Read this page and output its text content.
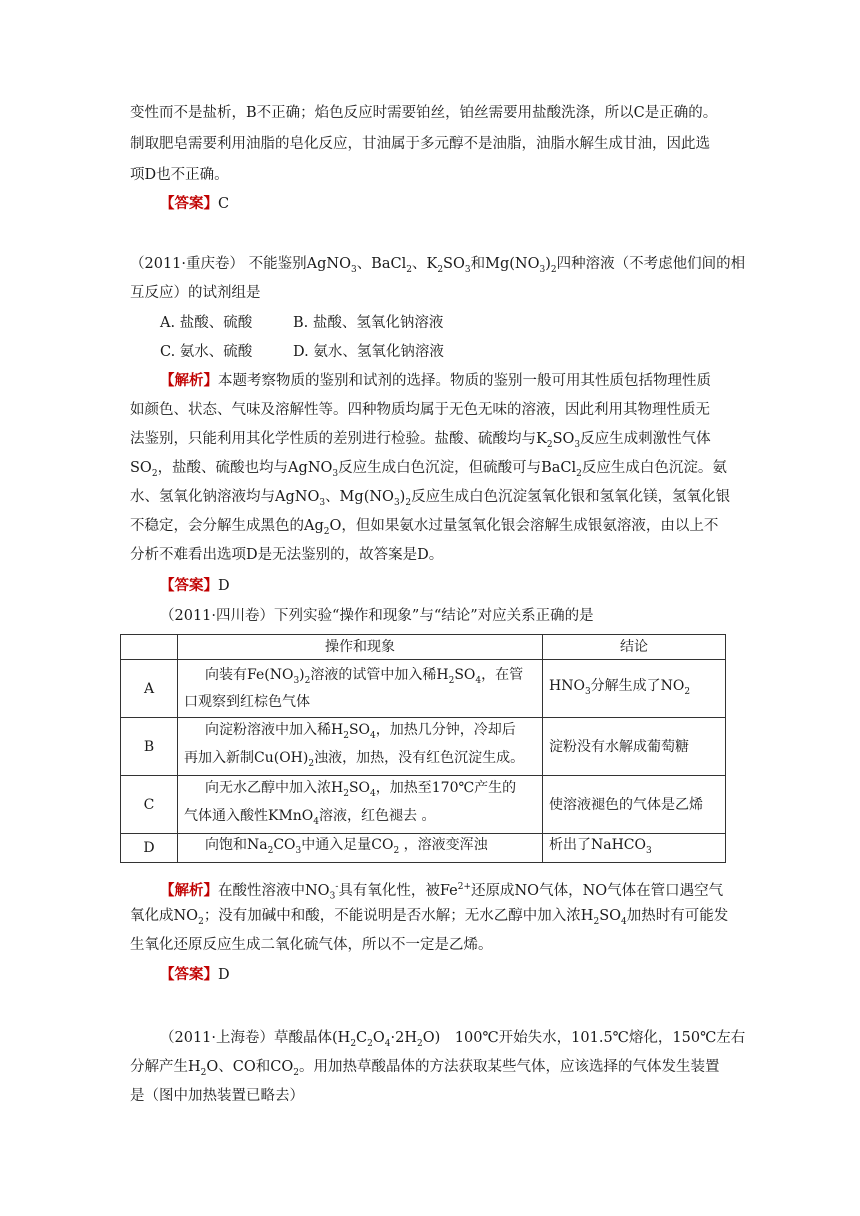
变性而不是盐析，B不正确；焰色反应时需要铂丝，铂丝需要用盐酸洗涤，所以C是正确的。
制取肥皂需要利用油脂的皂化反应，甘油属于多元醇不是油脂，油脂水解生成甘油，因此选
项D也不正确。
【答案】C
（2011·重庆卷） 不能鉴别AgNO$_3$、BaCl$_2$、$K_2SO_3$和$Mg(NO_3)_2$四种溶液（不考虑他们间的相
互反应）的试剂组是
A. 盐酸、硫酸	B. 盐酸、氢氧化钠溶液
C. 氨水、硫酸	D. 氨水、氢氧化钠溶液
【解析】本题考察物质的鉴别和试剂的选择。物质的鉴别一般可用其性质包括物理性质
如颜色、状态、气味及溶解性等。四种物质均属于无色无味的溶液，因此利用其物理性质无
法鉴别，只能利用其化学性质的差别进行检验。盐酸、硫酸均与$K_2SO_3$反应生成刺激性气体
$SO_2$，盐酸、硫酸也均与AgNO$_3$反应生成白色沉淀，但硫酸可与BaCl$_2$反应生成白色沉淀。氨
水、氢氧化钠溶液均与AgNO$_3$、$Mg(NO_3)_2$反应生成白色沉淀氢氧化银和氢氧化镁，氢氧化银
不稳定，会分解生成黑色的$Ag_2O$，但如果氨水过量氢氧化银会溶解生成银氨溶液，由以上不
分析不难看出选项D是无法鉴别的，故答案是D。
【答案】D
（2011·四川卷）下列实验“操作和现象”与“结论”对应关系正确的是
	操作和现象	结论
A	  向装有$Fe(NO_3)_2$溶液的试管中加入稀$H_2SO_4$，在管
口观察到红棕色气体	$HNO_3$分解生成了$NO_2$
B	  向淀粉溶液中加入稀$H_2SO_4$，加热几分钟，冷却后
再加入新制$Cu(OH)_2$浊液，加热，没有红色沉淀生成。	淀粉没有水解成葡萄糖
C	  向无水乙醇中加入浓$H_2SO_4$，加热至170℃产生的
气体通入酸性KMnO$_4$溶液，红色褪去 。	使溶液褪色的气体是乙烯
D	  向饱和$Na_2CO_3$中通入足量$CO_2$ ，溶液变浑浊	析出了NaHCO$_3$
【解析】在酸性溶液中$NO_3^-$具有氧化性，被$Fe^{2+}$还原成NO气体，NO气体在管口遇空气
氧化成$NO_2$；没有加碱中和酸，不能说明是否水解；无水乙醇中加入浓$H_2SO_4$加热时有可能发
生氧化还原反应生成二氧化硫气体，所以不一定是乙烯。
【答案】D
（2011·上海卷）草酸晶体$(H_2C_2O_4\cdot 2H_2O)$　100℃开始失水，101.5℃熔化，150℃左右
分解产生$H_2O$、CO和$CO_2$。用加热草酸晶体的方法获取某些气体，应该选择的气体发生装置
是（图中加热装置已略去）
